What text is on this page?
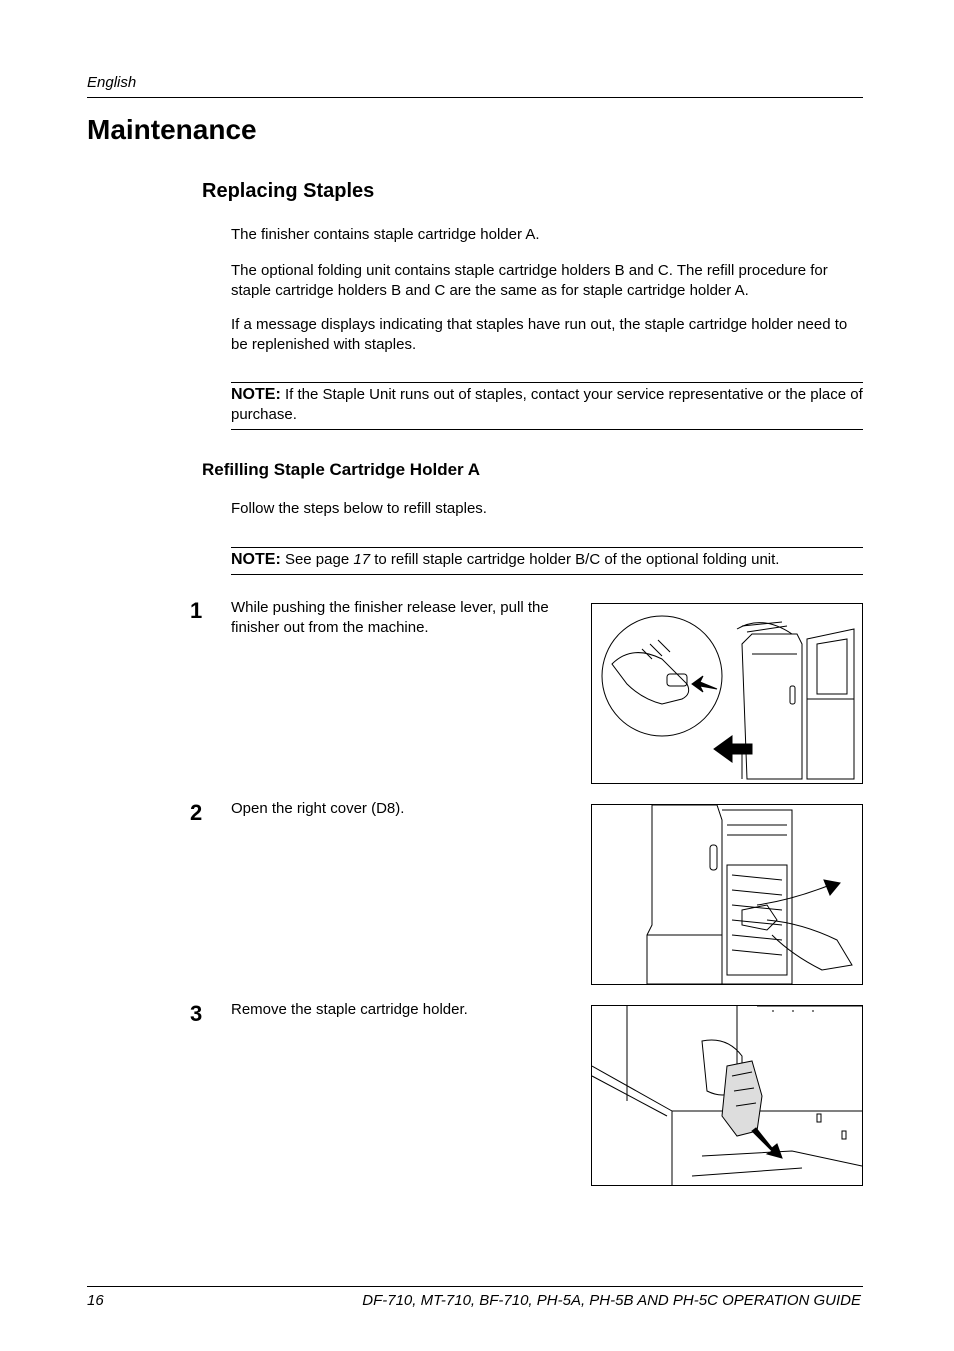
English
Maintenance
Replacing Staples
The finisher contains staple cartridge holder A.
The optional folding unit contains staple cartridge holders B and C. The refill procedure for staple cartridge holders B and C are the same as for staple cartridge holder A.
If a message displays indicating that staples have run out, the staple cartridge holder need to be replenished with staples.
NOTE: If the Staple Unit runs out of staples, contact your service representative or the place of purchase.
Refilling Staple Cartridge Holder A
Follow the steps below to refill staples.
NOTE: See page 17 to refill staple cartridge holder B/C of the optional folding unit.
1 While pushing the finisher release lever, pull the finisher out from the machine.
2 Open the right cover (D8).
3 Remove the staple cartridge holder.
16	DF-710, MT-710, BF-710, PH-5A, PH-5B AND PH-5C OPERATION GUIDE
